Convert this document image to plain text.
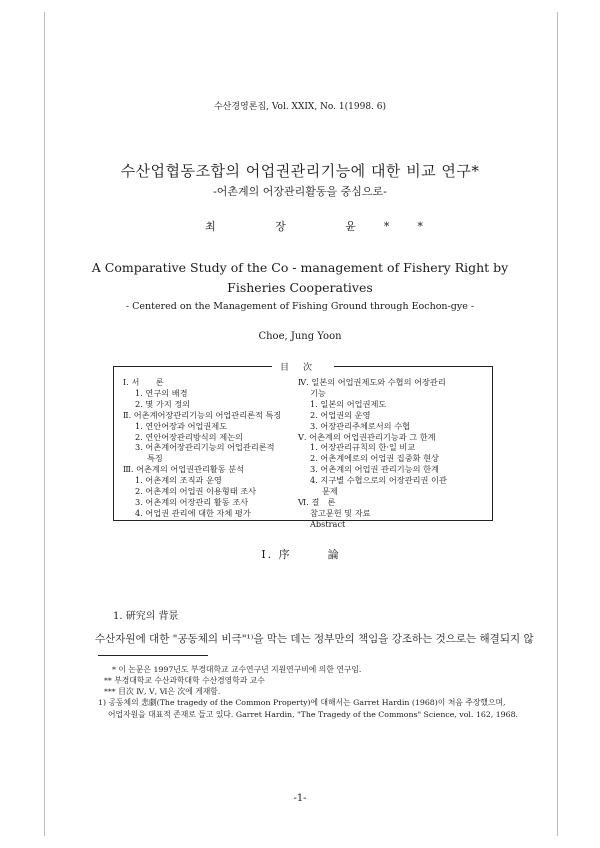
수산경영론집, Vol. XXIX, No. 1(1998. 6)
수산업협동조합의 어업권관리기능에 대한 비교 연구*
-어촌계의 어장관리활동을 중심으로-
최 장 윤**
A Comparative Study of the Co - management of Fishery Right by
Fisheries Cooperatives
- Centered on the Management of Fishing Ground through Eochon-gye -
Choe, Jung Yoon
目次
Ⅰ. 서　　론
1. 연구의 배경
2. 몇 가지 정의
Ⅱ. 어촌계어장관리기능의 어업관리론적 특징
1. 연안어장과 어업권제도
2. 연안어장관리방식의 제논의
3. 어촌계어장관리기능의 어업관리론적
특징
Ⅲ. 어촌계의 어업권관리활동 분석
1. 어촌계의 조직과 운영
2. 어촌계의 어업권 이용형태 조사
3. 어촌계의 어장관리 활동 조사
4. 어업권 관리에 대한 자체 평가
Ⅳ. 일본의 어업권제도와 수협의 어장관리
기능
1. 일본의 어업권제도
2. 어업권의 운영
3. 어장관리주체로서의 수협
Ⅴ. 어촌계의 어업권관리기능과 그 한계
1. 어장관리규칙의 한·일 비교
2. 어촌계에로의 어업권 집중화 현상
3. 어촌계의 어업권 관리기능의 한계
4. 지구별 수협으로의 어장관리권 이관
문제
Ⅵ. 결　론
참고문헌 및 자료
Abstract
Ⅰ. 序	論
1. 硏究의 背景
수산자원에 대한 "공동체의 비극"¹⁾을 막는 데는 정부만의 책임을 강조하는 것으로는 해결되지 않
* 이 논문은 1997년도 부경대학교 교수연구년 지원연구비에 의한 연구임.
** 부경대학교 수산과학대학 수산경영학과 교수
*** 目次 Ⅳ, Ⅴ, Ⅵ은 次에 게재함.
1) 공동체의 悲劇(The tragedy of the Common Property)에 대해서는 Garret Hardin (1968)이 처음 주장했으며,
어업자원을 대표적 존재로 들고 있다. Garret Hardin, "The Tragedy of the Commons" Science, vol. 162, 1968.
-1-
